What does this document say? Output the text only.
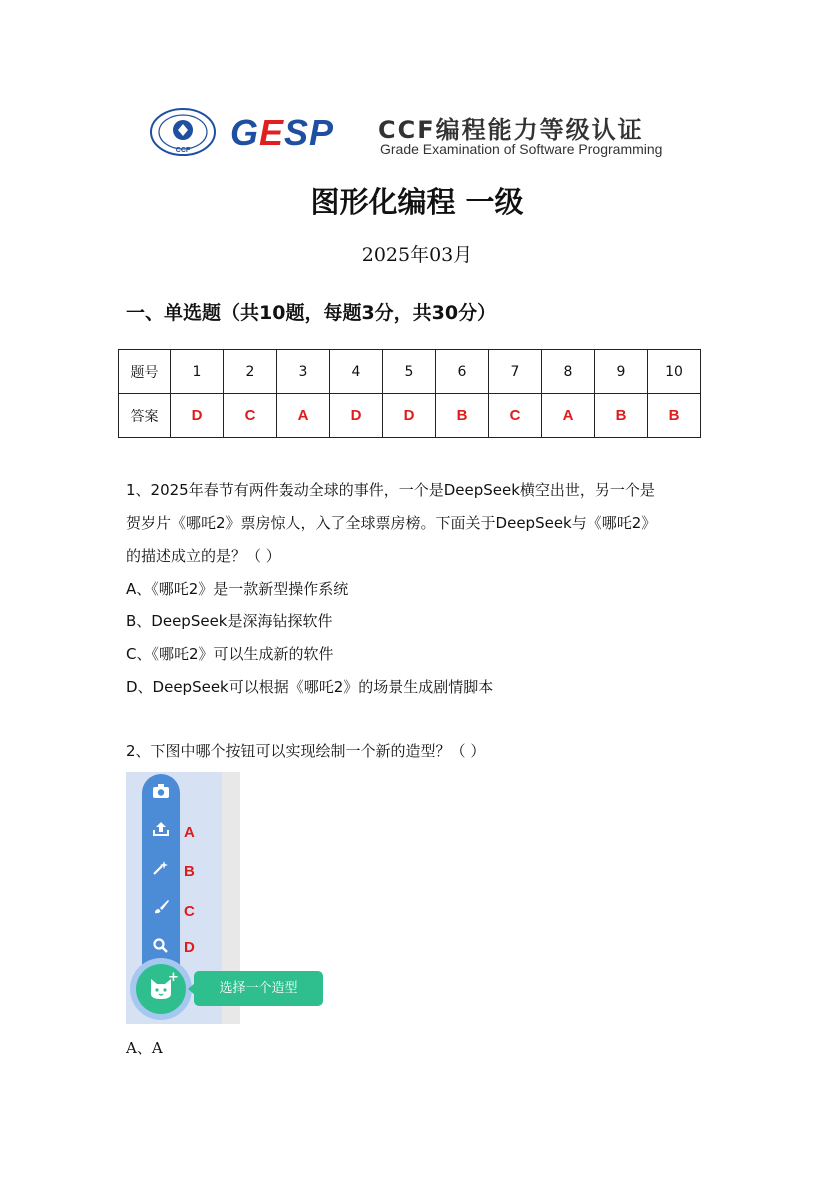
CCF GESP CCF编程能力等级认证
Grade Examination of Software Programming
图形化编程 一级
2025年03月
一、单选题（共10题，每题3分，共30分）
题号	1	2	3	4	5	6	7	8	9	10
答案	D	C	A	D	D	B	C	A	B	B
1、2025年春节有两件轰动全球的事件，一个是DeepSeek横空出世，另一个是
贺岁片《哪吒2》票房惊人，入了全球票房榜。下面关于DeepSeek与《哪吒2》
的描述成立的是？（ ）
A、《哪吒2》是一款新型操作系统
B、DeepSeek是深海钻探软件
C、《哪吒2》可以生成新的软件
D、DeepSeek可以根据《哪吒2》的场景生成剧情脚本
2、下图中哪个按钮可以实现绘制一个新的造型？（ ）
A
B
C
D
+
选择一个造型
A、A
